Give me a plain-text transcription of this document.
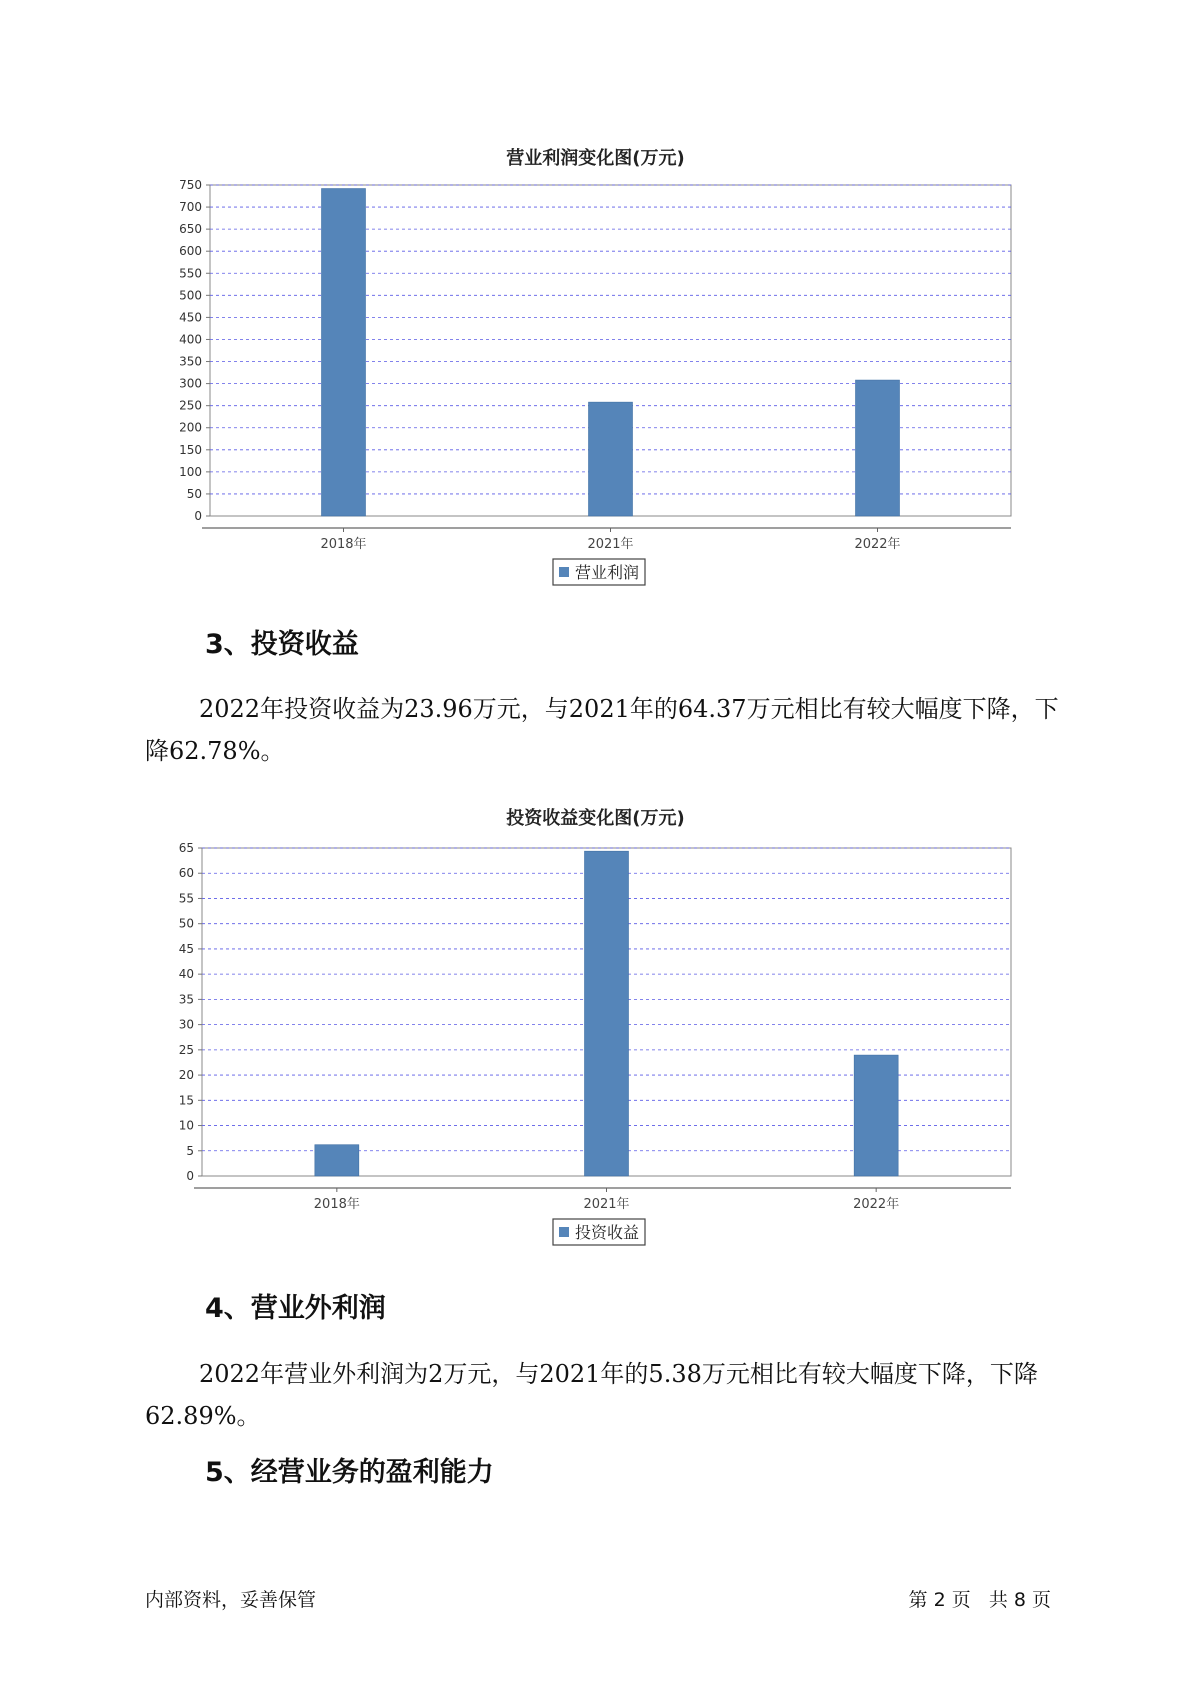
营业利润变化图(万元)
0
50
100
150
200
250
300
350
400
450
500
550
600
650
700
750
2018年	2021年	2022年
营业利润
3、投资收益
2022年投资收益为23.96万元，与2021年的64.37万元相比有较大幅度下降，下降62.78%。
投资收益变化图(万元)
0
5
10
15
20
25
30
35
40
45
50
55
60
65
2018年	2021年	2022年
投资收益
4、营业外利润
2022年营业外利润为2万元，与2021年的5.38万元相比有较大幅度下降，下降62.89%。
5、经营业务的盈利能力
内部资料，妥善保管	第 2 页   共 8 页
